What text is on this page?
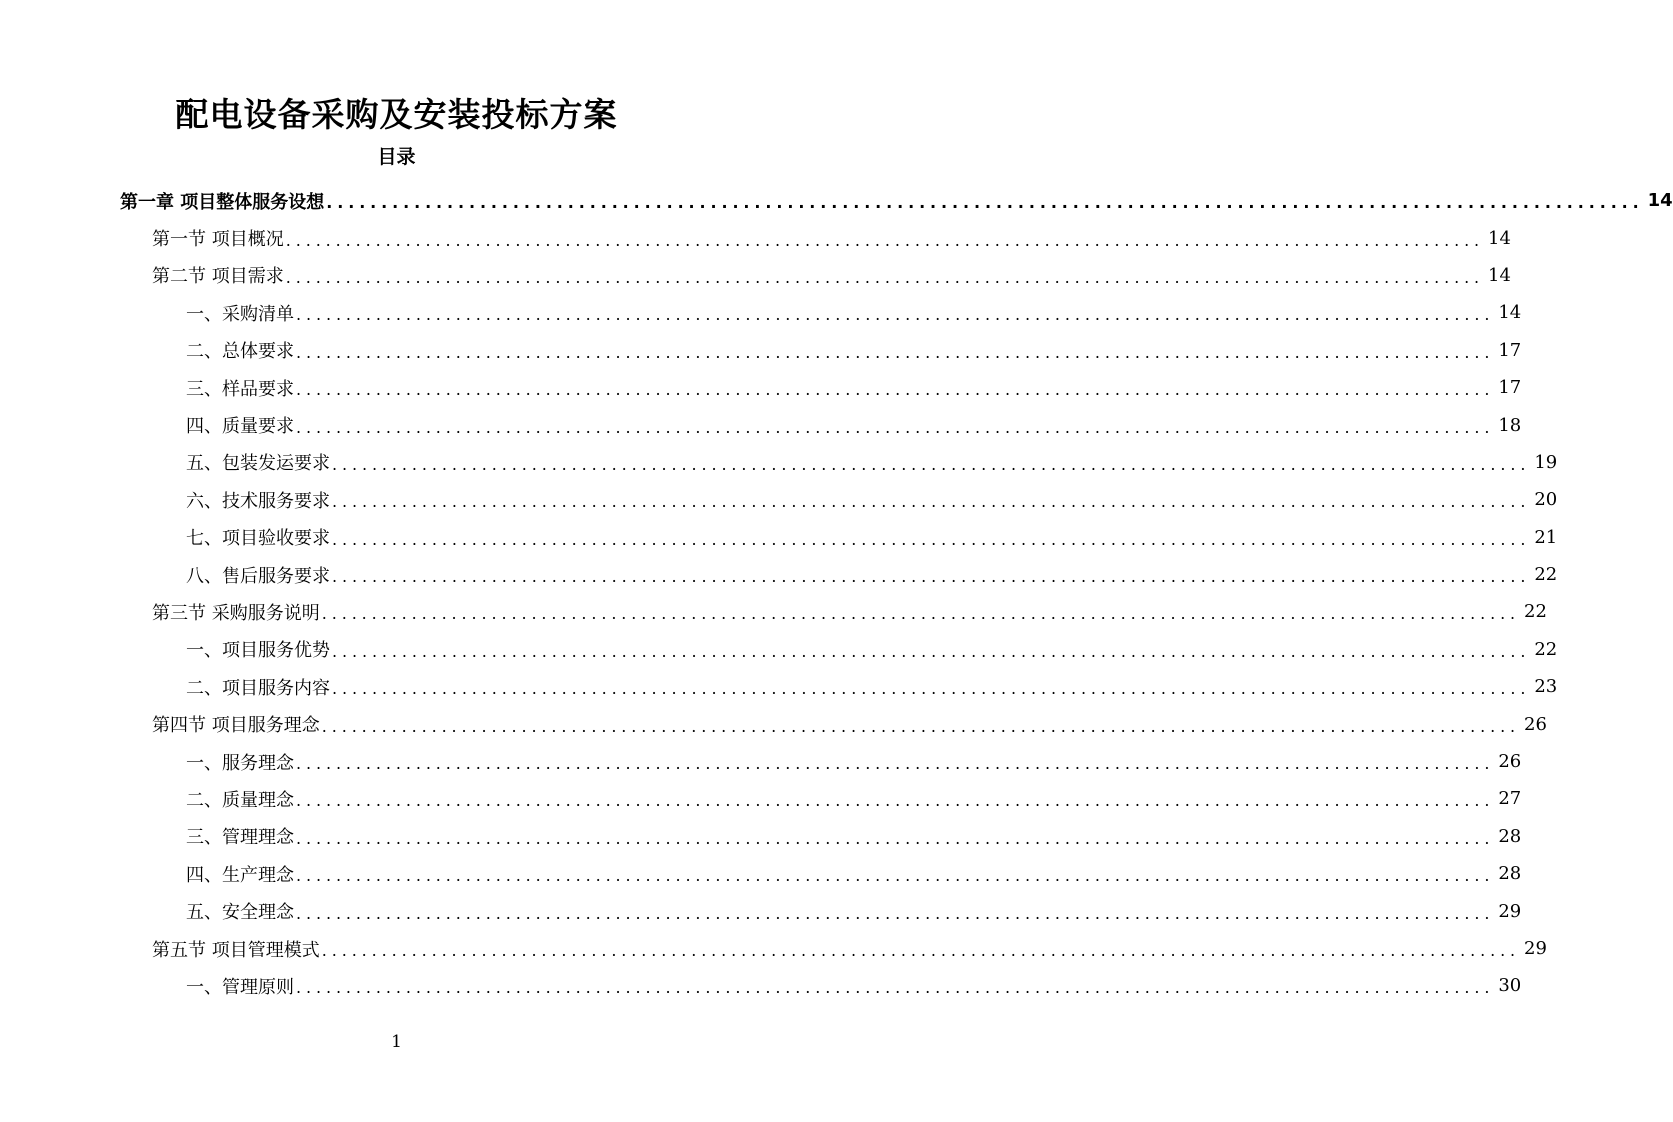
配电设备采购及安装投标方案
目录
第一章 项目整体服务设想 ........................................................................................................................ 14
第一节 项目概况 ........................................................................................................................ 14
第二节 项目需求 ........................................................................................................................ 14
一、采购清单 ........................................................................................................................ 14
二、总体要求 ........................................................................................................................ 17
三、样品要求 ........................................................................................................................ 17
四、质量要求 ........................................................................................................................ 18
五、包装发运要求 ........................................................................................................................ 19
六、技术服务要求 ........................................................................................................................ 20
七、项目验收要求 ........................................................................................................................ 21
八、售后服务要求 ........................................................................................................................ 22
第三节 采购服务说明 ........................................................................................................................ 22
一、项目服务优势 ........................................................................................................................ 22
二、项目服务内容 ........................................................................................................................ 23
第四节 项目服务理念 ........................................................................................................................ 26
一、服务理念 ........................................................................................................................ 26
二、质量理念 ........................................................................................................................ 27
三、管理理念 ........................................................................................................................ 28
四、生产理念 ........................................................................................................................ 28
五、安全理念 ........................................................................................................................ 29
第五节 项目管理模式 ........................................................................................................................ 29
一、管理原则 ........................................................................................................................ 30
1
